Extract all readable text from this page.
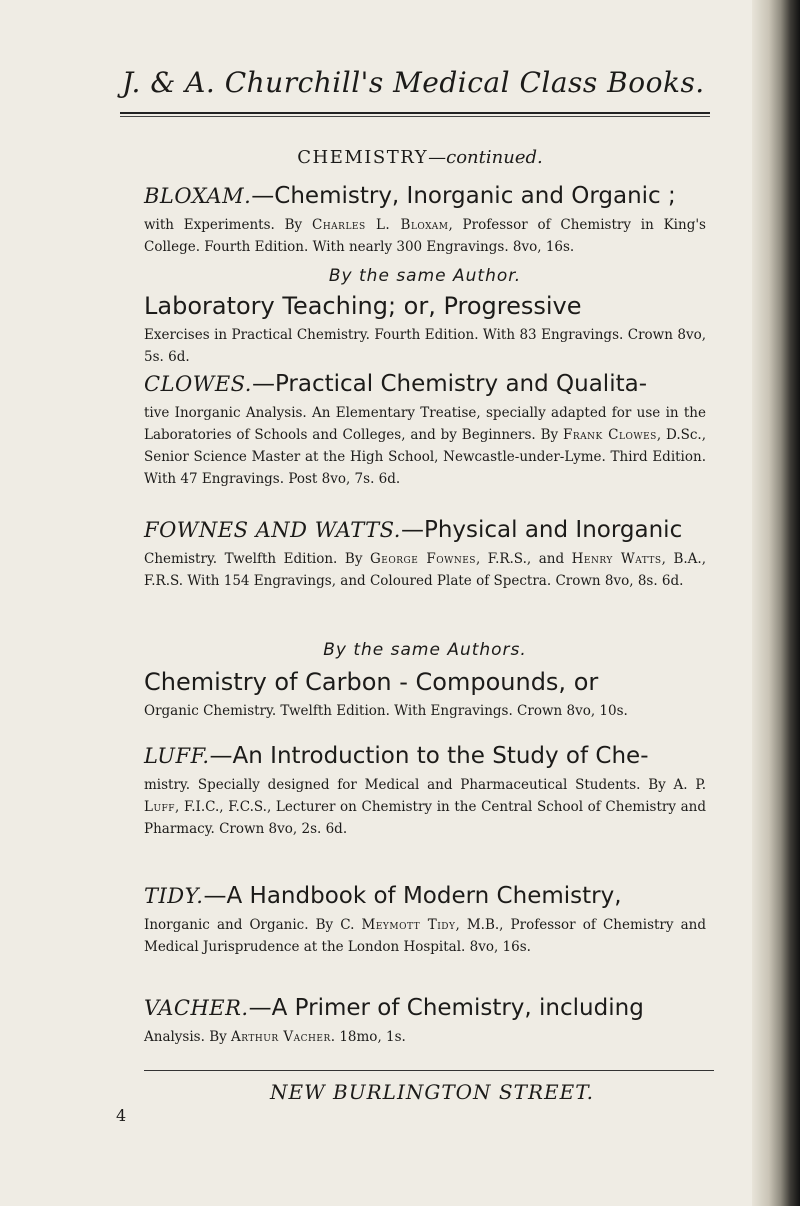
J. & A. Churchill's Medical Class Books.
CHEMISTRY—continued.
BLOXAM.—Chemistry, Inorganic and Organic ;
with Experiments. By Charles L. Bloxam, Professor of Chemistry in King's College. Fourth Edition. With nearly 300 Engravings. 8vo, 16s.
By the same Author.
Laboratory Teaching; or, Progressive
Exercises in Practical Chemistry. Fourth Edition. With 83 Engravings. Crown 8vo, 5s. 6d.
CLOWES.—Practical Chemistry and Qualita-
tive Inorganic Analysis. An Elementary Treatise, specially adapted for use in the Laboratories of Schools and Colleges, and by Beginners. By Frank Clowes, D.Sc., Senior Science Master at the High School, Newcastle-under-Lyme. Third Edition. With 47 Engravings. Post 8vo, 7s. 6d.
FOWNES AND WATTS.—Physical and Inorganic
Chemistry. Twelfth Edition. By George Fownes, F.R.S., and Henry Watts, B.A., F.R.S. With 154 Engravings, and Coloured Plate of Spectra. Crown 8vo, 8s. 6d.
By the same Authors.
Chemistry of Carbon - Compounds, or
Organic Chemistry. Twelfth Edition. With Engravings. Crown 8vo, 10s.
LUFF.—An Introduction to the Study of Che-
mistry. Specially designed for Medical and Pharmaceutical Students. By A. P. Luff, F.I.C., F.C.S., Lecturer on Chemistry in the Central School of Chemistry and Pharmacy. Crown 8vo, 2s. 6d.
TIDY.—A Handbook of Modern Chemistry,
Inorganic and Organic. By C. Meymott Tidy, M.B., Professor of Chemistry and Medical Jurisprudence at the London Hospital. 8vo, 16s.
VACHER.—A Primer of Chemistry, including
Analysis. By Arthur Vacher. 18mo, 1s.
NEW BURLINGTON STREET.
4
